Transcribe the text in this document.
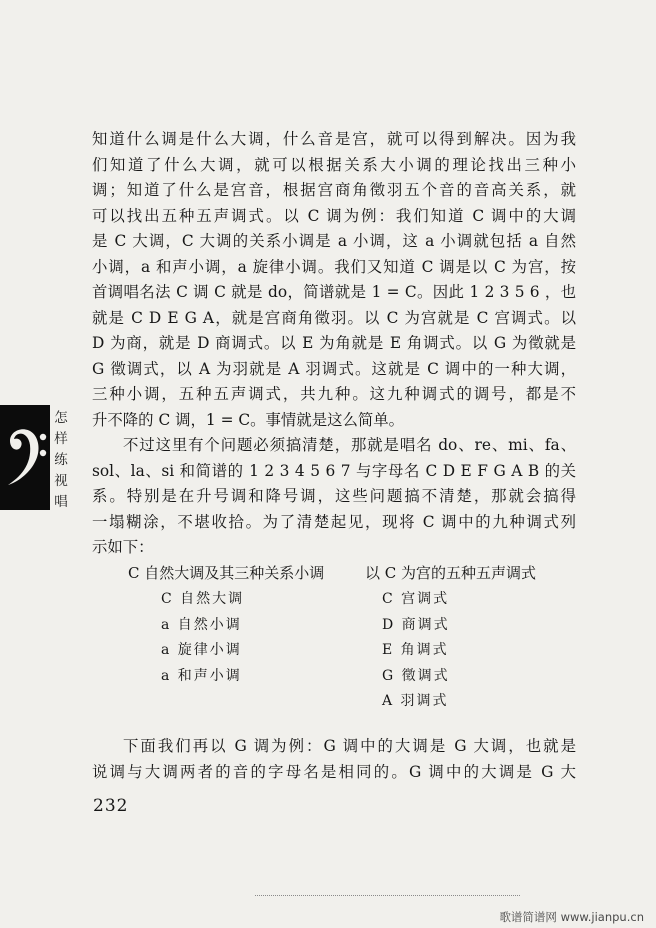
怎
样
练
视
唱
知道什么调是什么大调，什么音是宫，就可以得到解决。因为我
们知道了什么大调，就可以根据关系大小调的理论找出三种小
调；知道了什么是宫音，根据宫商角徵羽五个音的音高关系，就
可以找出五种五声调式。以 C 调为例：我们知道 C 调中的大调
是 C 大调，C 大调的关系小调是 a 小调，这 a 小调就包括 a 自然
小调，a 和声小调，a 旋律小调。我们又知道 C 调是以 C 为宫，按
首调唱名法 C 调 C 就是 do，简谱就是 1 = C。因此 1 2 3 5 6 ，也
就是 C D E G A，就是宫商角徵羽。以 C 为宫就是 C 宫调式。以
D 为商，就是 D 商调式。以 E 为角就是 E 角调式。以 G 为徵就是
G 徵调式，以 A 为羽就是 A 羽调式。这就是 C 调中的一种大调，
三种小调，五种五声调式，共九种。这九种调式的调号，都是不
升不降的 C 调，1 = C。事情就是这么简单。
不过这里有个问题必须搞清楚，那就是唱名 do、re、mi、fa、
sol、la、si 和简谱的 1 2 3 4 5 6 7 与字母名 C D E F G A B 的关
系。特别是在升号调和降号调，这些问题搞不清楚，那就会搞得
一塌糊涂，不堪收拾。为了清楚起见，现将 C 调中的九种调式列
示如下：
C 自然大调及其三种关系小调	以 C 为宫的五种五声调式
C 自然大调
a 自然小调
a 旋律小调
a 和声小调
C 宫调式
D 商调式
E 角调式
G 徵调式
A 羽调式
下面我们再以 G 调为例：G 调中的大调是 G 大调，也就是
说调与大调两者的音的字母名是相同的。G 调中的大调是 G 大
232
歌谱简谱网 www.jianpu.cn
